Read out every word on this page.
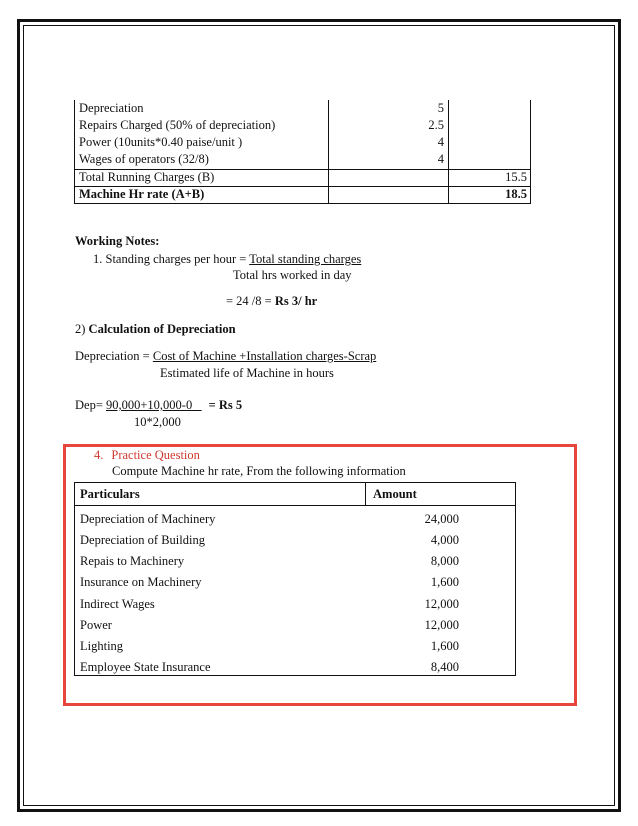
Depreciation	5
Repairs Charged (50% of depreciation)	2.5
Power (10units*0.40 paise/unit )	4
Wages of operators (32/8)	4
Total Running Charges (B)	15.5
Machine Hr rate (A+B)	18.5
Working Notes:
1. Standing charges per hour = Total standing charges
Total hrs worked in day
= 24 /8 = Rs 3/ hr
2) Calculation of Depreciation
Depreciation = Cost of Machine +Installation charges-Scrap
Estimated life of Machine in hours
Dep= 90,000+10,000-0   = Rs 5
10*2,000
4. Practice Question
Compute Machine hr rate, From the following information
Particulars	Amount
Depreciation of Machinery	24,000
Depreciation of Building	4,000
Repais to Machinery	8,000
Insurance on Machinery	1,600
Indirect Wages	12,000
Power	12,000
Lighting	1,600
Employee State Insurance	8,400
